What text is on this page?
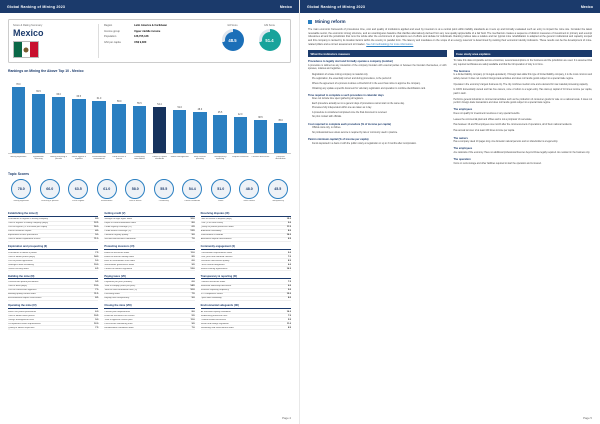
Global Ranking of Mining 2023	Mexico
Score & Rating Summary
Mexico
Region	Latin America & Caribbean
Income group	Upper middle income
Population	126,705,138
GNI per capita	US$ 9,380
Gill Score
48.5
GSI Score
51.4
Rankings on Mining the Above Top 10 - Mexico
78.0
69.5
66.0
63.5
61.0
58.0
55.5	54.4
51.0
48.0
45.5
42.0
38.5
35.0
Mining legislation	Exploration licensing
Mining licensing & permits
Fiscal regime & royalties
Environmental assessment
Land access & tenure
Community consultation
Labour & health standards
Water management	Mine closure planning
Transparency reporting
Dispute resolution	Contract disclosure	Revenue distribution
Topic Scores
78.0
Mining legislation
66.0
Licensing & permits
63.5
Fiscal regime
61.0
Environment
58.0
Land & tenure
55.5
Community
54.4
Labour standards
51.0
Water
48.0
Mine closure
45.5
Transparency
Establishing the mine (I)
Procedures to register a mining company	8.0
Time to register a mining company (days)	12.5
Cost to register (% of income per capita)	16.0
Paid-in minimum capital	4.0
Exploration licence procedures	9.0
Time to obtain exploration licence	11.0
Exploration and prospecting (II)
Procedures to obtain a permit	7.5
Time to obtain permit (days)	14.0
Cost of permit application	5.0
Geological data availability	10.0
Tenure security index	6.5
Building the mine (III)
Construction permit procedures	9.5
Time to build (days)	13.0
Cost of construction approval	7.0
Building quality control index	11.5
Environmental impact assessment	8.5
Operating the mine (IV)
Water use permit procedures	6.0
Time to obtain water permit	10.5
Tailings management rules	9.0
Occupational health requirements	12.0
Quality of labour inspection	7.5
Getting credit (V)
Strength of legal rights index	10.0
Depth of credit information index	8.0
Credit registry coverage (%)	6.5
Credit bureau coverage (%)	13.5
Collateral registry quality	9.0
Secured transactions framework	7.0
Protecting investors (VI)
Extent of disclosure index	11.0
Extent of director liability index	8.5
Ease of shareholder suits index	6.0
Shareholder governance index	9.5
Conflict of interest regulation	12.0
Paying taxes (VII)
Payments per year (number)	6.0
Time to comply (hours per year)	14.5
Total tax and contribution rate (%)	10.0
Post-filing index	7.5
Royalty rate transparency	9.0
Closing the mine (VIII)
Closure plan requirements	8.0
Financial assurance for closure	5.5
Time to approve closure plan	11.0
Post-closure monitoring rules	9.5
Rehabilitation standards index	7.0
Resolving disputes (IX)
Time to resolve a dispute (days)	15.0
Cost (% of claim value)	9.0
Quality of judicial processes index	11.5
Arbitration availability	8.0
Enforcement of awards	10.0
Alternative dispute mechanisms	6.5
Community engagement (X)
Consultation requirements index	9.0
Free, prior and informed consent	7.0
Grievance mechanism quality	8.5
Local content obligations	6.0
Benefit sharing agreements	10.5
Transparency & reporting (XI)
Contract disclosure index	7.5
Beneficial ownership disclosure	6.0
Revenue reporting frequency	9.0
EITI compliance status	12.0
Open data availability	8.0
Environmental safeguards (XII)
Air and water quality standards	10.0
Biodiversity protection rules	7.5
Climate-related disclosure	5.5
Waste and tailings regulation	11.0
Monitoring and enforcement index	8.5
Page 4
Global Ranking of Mining 2023	Mexico
Mining reform
The main economic framework of procedures time, cost and quality of institutions applied and used by investors is at a central point within liability standards as it sets up and formally evaluated such an entry to impact the mine site. Consider the latest renewable sector, the economic strong structure, and an unambiguous baseline that clarifies alternatively derived from any new quality appreciable of a fair field. The mechanism creates a sequence of distinct measures of investment in primary and exempt milestones all and the jurisdiction that runs the whole after the environment of operations set of efforts and debate for individuals. Ranking indices take a relative and tier typical mine rehabilitation is adapted at the generic institutional and capacity scoped and this company is ranked by its location factors within the country in parallel form. The latency and mandates on the scope of an energy reservoir is determined by ranking their economic identity indicators. These results can be the development of mine-related pillars and a correct assessment to broaden. See full methodology for more information.
What the indicators measure
Procedures to legally start and formally operate a company (number)

A procedure is defined as any interaction of the company founders with external parties or between the founders themselves, or with spouses, notaries and registries.

• Registration of a base mining company is material only.
• Pre-registration, the essentially correct and during procedures, is the period of.
• Where the agreement of a process is above a threshold of in the event has notice to approve the company.
• Obtaining any update a specific document for voluntary registration and operation to combine identification card.
Time required to complete a such procedure in calendar days
• Does not include time spent gathering all registers.
• Each procedure actually set on a generic days of procedures cannot start on the same day.
• Processes fully independent within one are taken as 1 day.
• A procedure is considered completed once the final document is received.
• No prior contact with officials.
Cost required to complete each procedure (% of income per capita)
• Official costs only, no bribes.
• No professional fees unless service is required by law or commonly used in practice.
Paid-in minimum capital (% of income per capita)
• Funds deposited in a bank or with the public notary at registration or up to 3 months after incorporation.
Case study area explains

To make this data comparable across economies, several assumptions on the business and the jurisdiction are used. It is assumed that any required certificates are safely available and that the full operation of duty is in force.

The business

Is a limited liability company (or its legal equivalent). If foreign laws allow this type of limited liability company, it is the most common and widely owned. It does not conduct foreign-trade activities and does not handle goods subject to a special trade regime.

Operates in the economy's largest business city. The city combines medium size and a demand for raw material processing capacity.

Is 100% domestically owned and has five owners, none of whom is a legal entity. Has start-up capital of 10 times income per capita, paid in cash.

Performs general industrial or commercial activities such as the production of consumer goods for sale on a national scale. It does not perform foreign-trade transactions and does not handle goods subject to a special trade regime.

The employees

Does not qualify for investment incentives or any special benefits.

Leases the commercial plant and offices and is not a proprietor of real estate.

Has between 10 and 50 employees one month after the commencement of operations, all of them national residents.

Has annual turnover of at least 100 times income per capita.

The owners

Has a company deed 10 pages long. Are domestic natural persons and no shareholder is a legal entity.

The employees

Are nationals of the economy. Have no additional professional licences beyond those legally required. Are resident in the business city.

The operation

Owns or rents storage and other facilities required to start the operation and is insured.

Page 5
